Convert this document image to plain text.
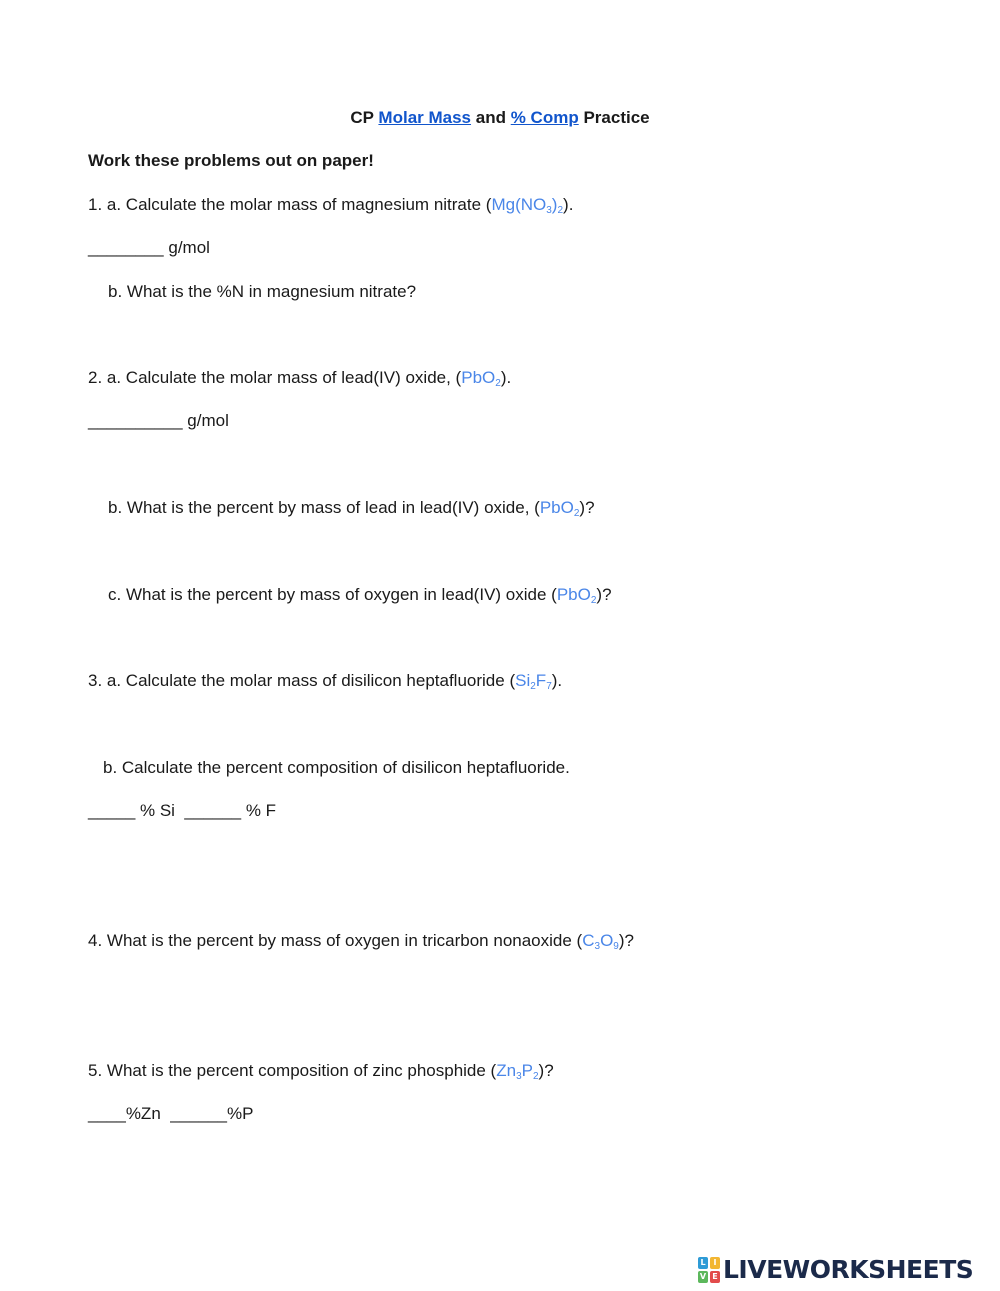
CP Molar Mass and % Comp Practice
Work these problems out on paper!
1. a. Calculate the molar mass of magnesium nitrate $(Mg(NO_3)_2)$.
________ g/mol
b. What is the %N in magnesium nitrate?
2. a. Calculate the molar mass of lead(IV) oxide, (PbO$_2$).
__________ g/mol
b. What is the percent by mass of lead in lead(IV) oxide, (PbO$_2$)?
c. What is the percent by mass of oxygen in lead(IV) oxide (PbO$_2$)?
3. a. Calculate the molar mass of disilicon heptafluoride $(Si_2F_7)$.
b. Calculate the percent composition of disilicon heptafluoride.
_____ % Si  ______ % F
4. What is the percent by mass of oxygen in tricarbon nonaoxide $(C_3O_9)$?
5. What is the percent composition of zinc phosphide $(Zn_3P_2)$?
____%Zn  ______%P
L I
V E LIVEWORKSHEETS
